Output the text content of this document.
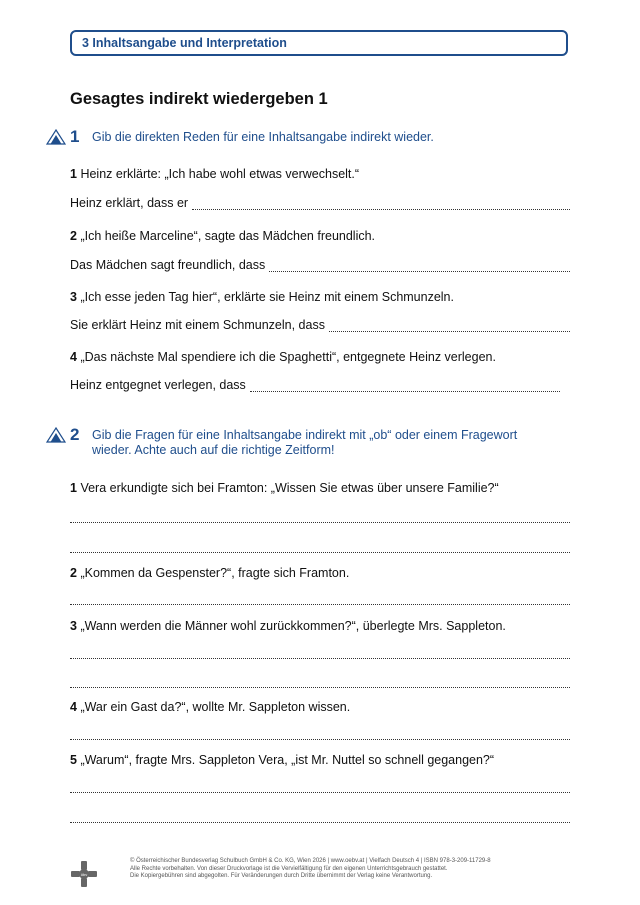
3 Inhaltsangabe und Interpretation
Gesagtes indirekt wiedergeben 1
1	Gib die direkten Reden für eine Inhaltsangabe indirekt wieder.
1 Heinz erklärte: „Ich habe wohl etwas verwechselt.“
Heinz erklärt, dass er
2 „Ich heiße Marceline“, sagte das Mädchen freundlich.
Das Mädchen sagt freundlich, dass
3 „Ich esse jeden Tag hier“, erklärte sie Heinz mit einem Schmunzeln.
Sie erklärt Heinz mit einem Schmunzeln, dass
4 „Das nächste Mal spendiere ich die Spaghetti“, entgegnete Heinz verlegen.
Heinz entgegnet verlegen, dass
2	Gib die Fragen für eine Inhaltsangabe indirekt mit „ob“ oder einem Fragewort wieder. Achte auch auf die richtige Zeitform!
1 Vera erkundigte sich bei Framton: „Wissen Sie etwas über unsere Familie?“
2 „Kommen da Gespenster?“, fragte sich Framton.
3 „Wann werden die Männer wohl zurückkommen?“, überlegte Mrs. Sappleton.
4 „War ein Gast da?“, wollte Mr. Sappleton wissen.
5 „Warum“, fragte Mrs. Sappleton Vera, „ist Mr. Nuttel so schnell gegangen?“
öbv
© Österreichischer Bundesverlag Schulbuch GmbH & Co. KG, Wien 2026 | www.oebv.at | Vielfach Deutsch 4 | ISBN 978-3-209-11729-8
Alle Rechte vorbehalten. Von dieser Druckvorlage ist die Vervielfältigung für den eigenen Unterrichtsgebrauch gestattet.
Die Kopiergebühren sind abgegolten. Für Veränderungen durch Dritte übernimmt der Verlag keine Verantwortung.
